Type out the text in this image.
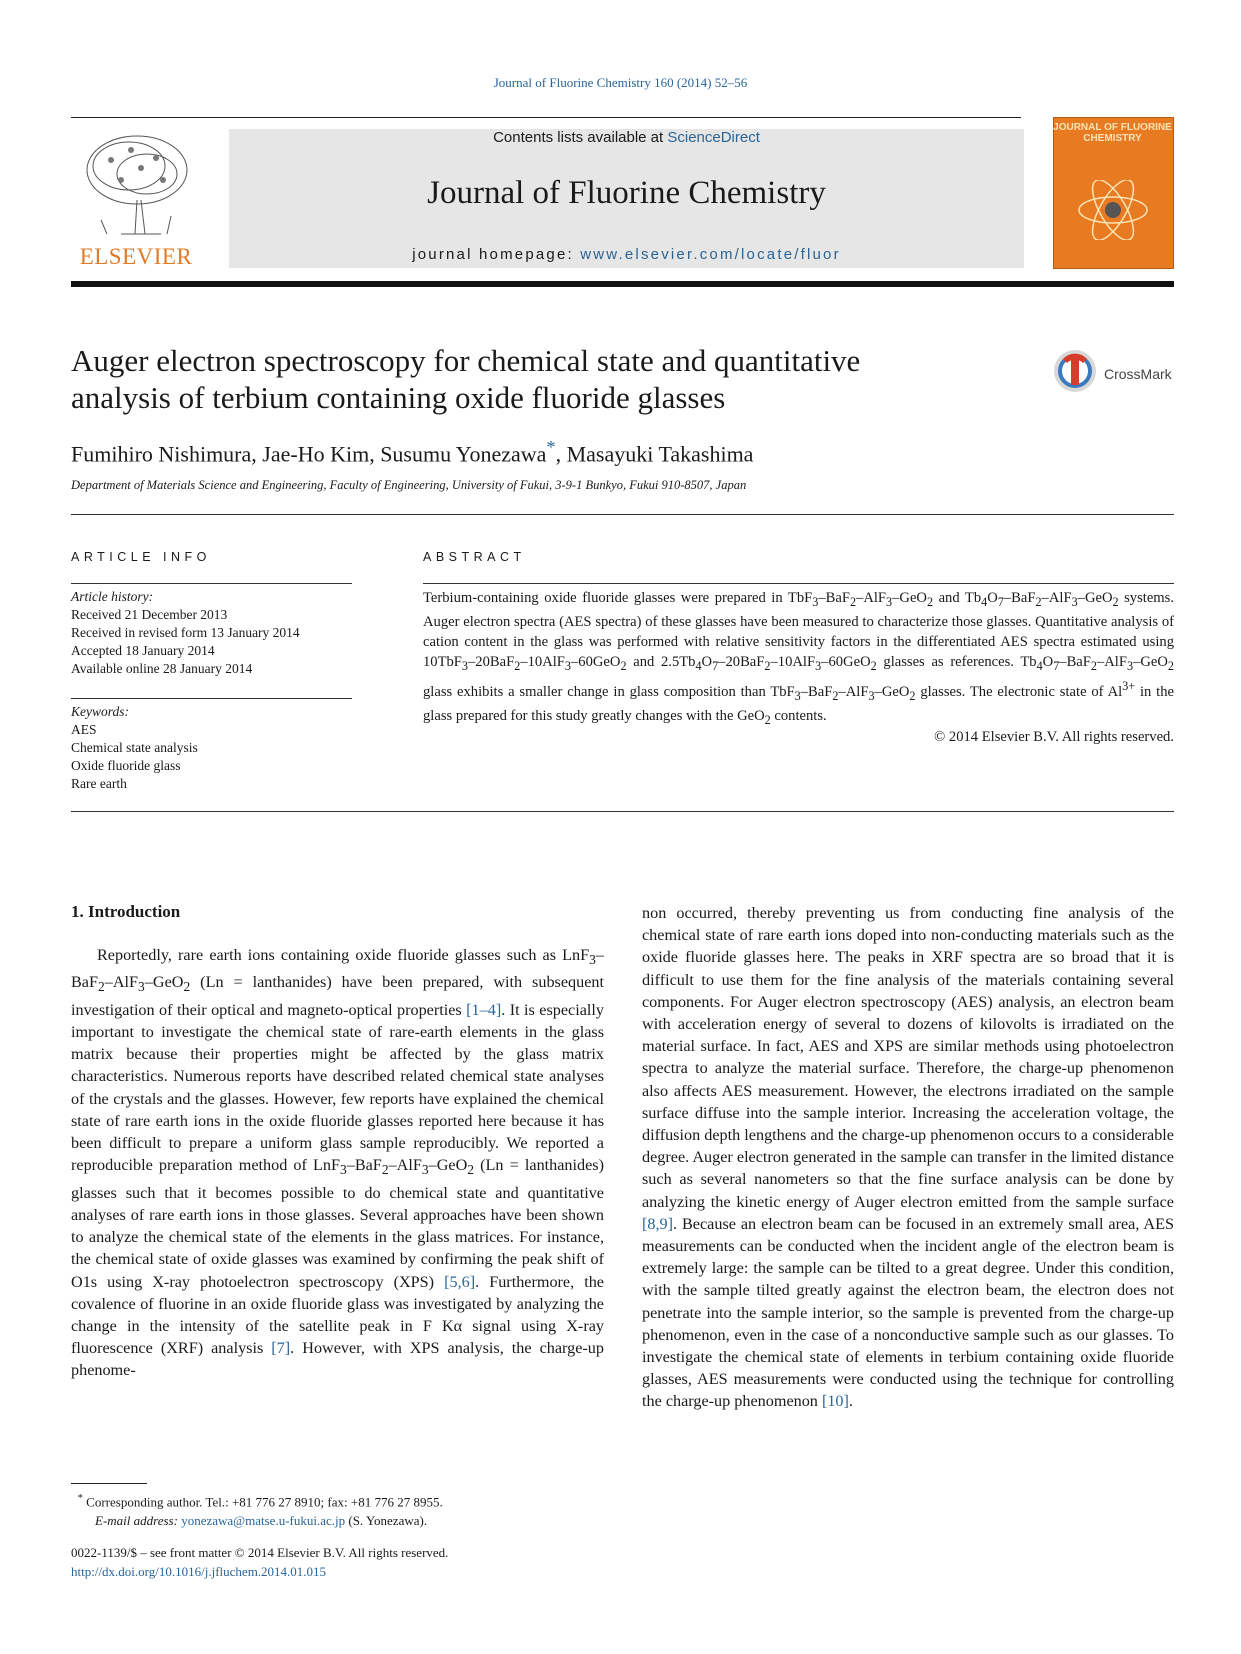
Journal of Fluorine Chemistry 160 (2014) 52–56
ELSEVIER
Contents lists available at ScienceDirect
Journal of Fluorine Chemistry
journal homepage: www.elsevier.com/locate/fluor
JOURNAL OF FLUORINE CHEMISTRY
Auger electron spectroscopy for chemical state and quantitative
analysis of terbium containing oxide fluoride glasses
CrossMark
Fumihiro Nishimura, Jae-Ho Kim, Susumu Yonezawa*, Masayuki Takashima
Department of Materials Science and Engineering, Faculty of Engineering, University of Fukui, 3-9-1 Bunkyo, Fukui 910-8507, Japan
ARTICLE INFO
Article history:
Received 21 December 2013
Received in revised form 13 January 2014
Accepted 18 January 2014
Available online 28 January 2014
Keywords:
AES
Chemical state analysis
Oxide fluoride glass
Rare earth
ABSTRACT
Terbium-containing oxide fluoride glasses were prepared in TbF$_3$–BaF$_2$–AlF$_3$–GeO$_2$ and $Tb_4O_7-BaF_2-AlF_3-GeO_2$ systems. Auger electron spectra (AES spectra) of these glasses have been measured to characterize those glasses. Quantitative analysis of cation content in the glass was performed with relative sensitivity factors in the differentiated AES spectra estimated using 10TbF$_3$–20BaF$_2$–10AlF$_3$–60GeO$_2$ and $2.5Tb_4O_7-20BaF_2-10AlF_3-60GeO_2$ glasses as references. $Tb_4O_7-BaF_2-AlF_3-GeO_2$ glass exhibits a smaller change in glass composition than TbF$_3$–BaF$_2$–AlF$_3$–GeO$_2$ glasses. The electronic state of $Al^{3+}$ in the glass prepared for this study greatly changes with the GeO$_2$ contents.
© 2014 Elsevier B.V. All rights reserved.
1. Introduction
Reportedly, rare earth ions containing oxide fluoride glasses such as LnF$_3$–BaF$_2$–AlF$_3$–GeO$_2$ (Ln = lanthanides) have been prepared, with subsequent investigation of their optical and magneto-optical properties [1–4]. It is especially important to investigate the chemical state of rare-earth elements in the glass matrix because their properties might be affected by the glass matrix characteristics. Numerous reports have described related chemical state analyses of the crystals and the glasses. However, few reports have explained the chemical state of rare earth ions in the oxide fluoride glasses reported here because it has been difficult to prepare a uniform glass sample reproducibly. We reported a reproducible preparation method of LnF$_3$–BaF$_2$–AlF$_3$–GeO$_2$ (Ln = lanthanides) glasses such that it becomes possible to do chemical state and quantitative analyses of rare earth ions in those glasses. Several approaches have been shown to analyze the chemical state of the elements in the glass matrices. For instance, the chemical state of oxide glasses was examined by confirming the peak shift of O1s using X-ray photoelectron spectroscopy (XPS) [5,6]. Furthermore, the covalence of fluorine in an oxide fluoride glass was investigated by analyzing the change in the intensity of the satellite peak in F Kα signal using X-ray fluorescence (XRF) analysis [7]. However, with XPS analysis, the charge-up phenome-
non occurred, thereby preventing us from conducting fine analysis of the chemical state of rare earth ions doped into non-conducting materials such as the oxide fluoride glasses here. The peaks in XRF spectra are so broad that it is difficult to use them for the fine analysis of the materials containing several components. For Auger electron spectroscopy (AES) analysis, an electron beam with acceleration energy of several to dozens of kilovolts is irradiated on the material surface. In fact, AES and XPS are similar methods using photoelectron spectra to analyze the material surface. Therefore, the charge-up phenomenon also affects AES measurement. However, the electrons irradiated on the sample surface diffuse into the sample interior. Increasing the acceleration voltage, the diffusion depth lengthens and the charge-up phenomenon occurs to a considerable degree. Auger electron generated in the sample can transfer in the limited distance such as several nanometers so that the fine surface analysis can be done by analyzing the kinetic energy of Auger electron emitted from the sample surface [8,9]. Because an electron beam can be focused in an extremely small area, AES measurements can be conducted when the incident angle of the electron beam is extremely large: the sample can be tilted to a great degree. Under this condition, with the sample tilted greatly against the electron beam, the electron does not penetrate into the sample interior, so the sample is prevented from the charge-up phenomenon, even in the case of a nonconductive sample such as our glasses. To investigate the chemical state of elements in terbium containing oxide fluoride glasses, AES measurements were conducted using the technique for controlling the charge-up phenomenon [10].
* Corresponding author. Tel.: +81 776 27 8910; fax: +81 776 27 8955.
E-mail address: yonezawa@matse.u-fukui.ac.jp (S. Yonezawa).
0022-1139/$ – see front matter © 2014 Elsevier B.V. All rights reserved.
http://dx.doi.org/10.1016/j.jfluchem.2014.01.015
